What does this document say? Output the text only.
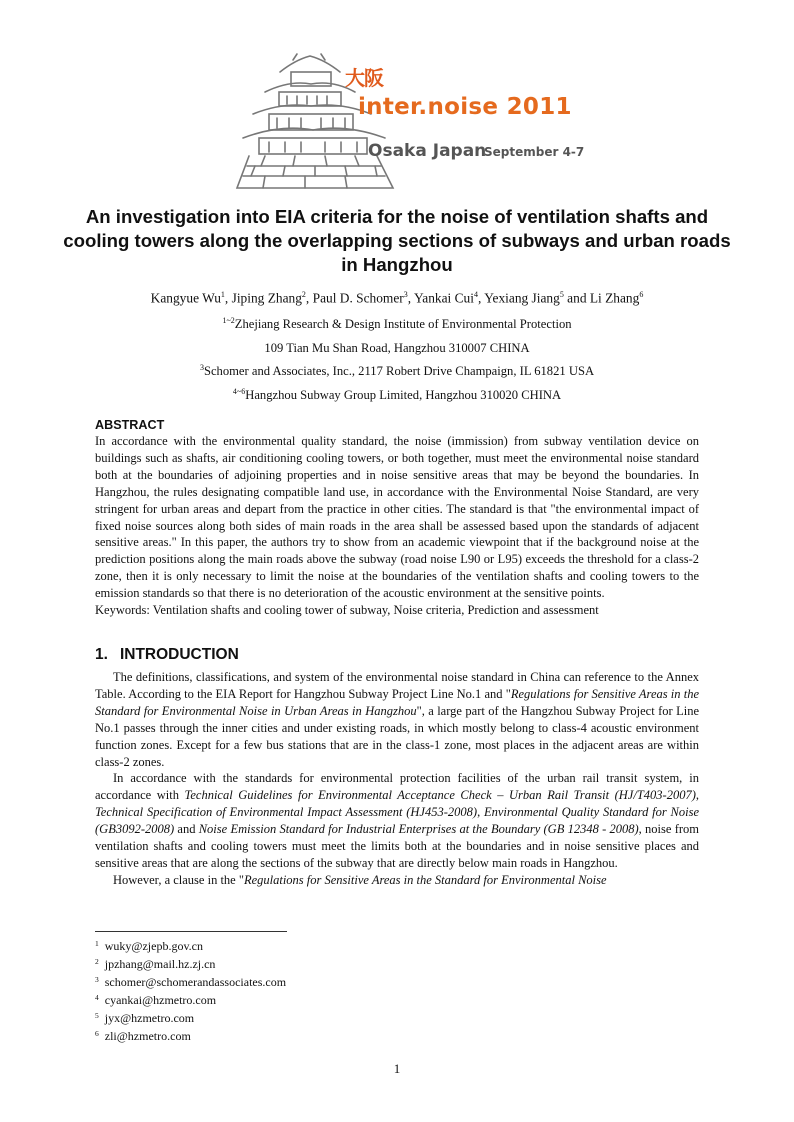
大阪
inter.noise 2011
Osaka Japan
September 4-7
An investigation into EIA criteria for the noise of ventilation shafts and cooling towers along the overlapping sections of subways and urban roads in Hangzhou
Kangyue Wu$^1$, Jiping Zhang$^2$, Paul D. Schomer$^3$, Yankai Cui$^4$, Yexiang Jiang$^5$ and Li Zhang$^6$
$^{1\sim 2}$Zhejiang Research & Design Institute of Environmental Protection
109 Tian Mu Shan Road, Hangzhou 310007 CHINA
$^3$Schomer and Associates, Inc., 2117 Robert Drive Champaign, IL 61821 USA
$^{4\sim 6}$Hangzhou Subway Group Limited, Hangzhou 310020 CHINA
ABSTRACT
In accordance with the environmental quality standard, the noise (immission) from subway ventilation device on buildings such as shafts, air conditioning cooling towers, or both together, must meet the environmental noise standard both at the boundaries of adjoining properties and in noise sensitive areas that may be beyond the boundaries. In Hangzhou, the rules designating compatible land use, in accordance with the Environmental Noise Standard, are very stringent for urban areas and depart from the practice in other cities. The standard is that "the environmental impact of fixed noise sources along both sides of main roads in the area shall be assessed based upon the standards of adjacent sensitive areas." In this paper, the authors try to show from an academic viewpoint that if the background noise at the prediction positions along the main roads above the subway (road noise L90 or L95) exceeds the threshold for a class-2 zone, then it is only necessary to limit the noise at the boundaries of the ventilation shafts and cooling towers to the emission standards so that there is no deterioration of the acoustic environment at the sensitive points.
Keywords: Ventilation shafts and cooling tower of subway, Noise criteria, Prediction and assessment
1. INTRODUCTION

The definitions, classifications, and system of the environmental noise standard in China can reference to the Annex Table. According to the EIA Report for Hangzhou Subway Project Line No.1 and "Regulations for Sensitive Areas in the Standard for Environmental Noise in Urban Areas in Hangzhou", a large part of the Hangzhou Subway Project for Line No.1 passes through the inner cities and under existing roads, in which mostly belong to class-4 acoustic environment function zones. Except for a few bus stations that are in the class-1 zone, most places in the adjacent areas are within class-2 zones.

In accordance with the standards for environmental protection facilities of the urban rail transit system, in accordance with Technical Guidelines for Environmental Acceptance Check – Urban Rail Transit (HJ/T403-2007), Technical Specification of Environmental Impact Assessment (HJ453-2008), Environmental Quality Standard for Noise (GB3092-2008) and Noise Emission Standard for Industrial Enterprises at the Boundary (GB 12348 - 2008), noise from ventilation shafts and cooling towers must meet the limits both at the boundaries and in noise sensitive places and sensitive areas that are along the sections of the subway that are directly below main roads in Hangzhou.

However, a clause in the "Regulations for Sensitive Areas in the Standard for Environmental Noise

$^1$ wuky@zjepb.gov.cn
$^2$ jpzhang@mail.hz.zj.cn
$^3$ schomer@schomerandassociates.com
$^4$ cyankai@hzmetro.com
$^5$ jyx@hzmetro.com
$^6$ zli@hzmetro.com
1
